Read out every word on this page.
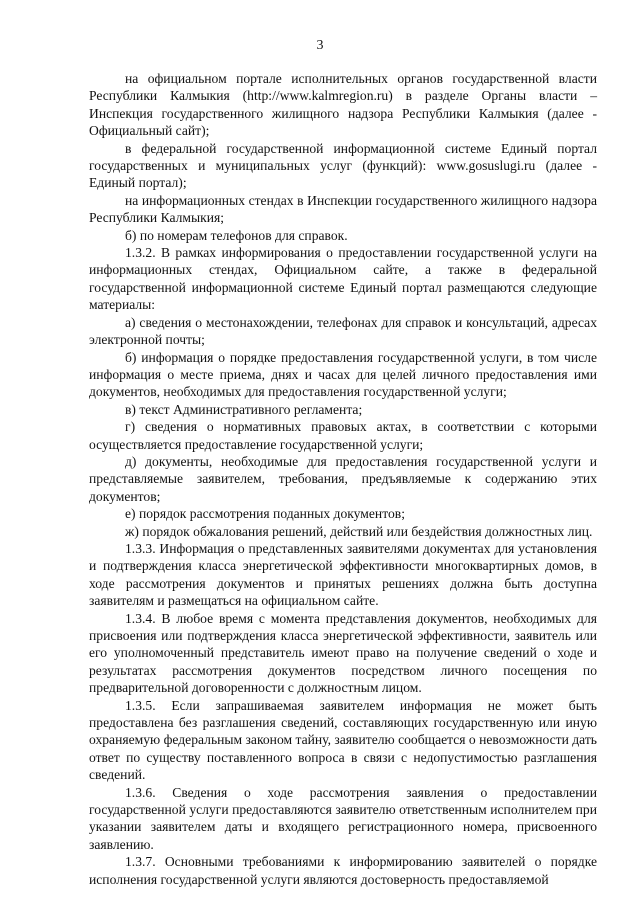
3

на официальном портале исполнительных органов государственной власти Республики Калмыкия (http://www.kalmregion.ru) в разделе Органы власти – Инспекция государственного жилищного надзора Республики Калмыкия (далее - Официальный сайт);

в федеральной государственной информационной системе Единый портал государственных и муниципальных услуг (функций): www.gosuslugi.ru (далее - Единый портал);

на информационных стендах в Инспекции государственного жилищного надзора Республики Калмыкия;

б) по номерам телефонов для справок.

1.3.2. В рамках информирования о предоставлении государственной услуги на информационных стендах, Официальном сайте, а также в федеральной государственной информационной системе Единый портал размещаются следующие материалы:

а) сведения о местонахождении, телефонах для справок и консультаций, адресах электронной почты;

б) информация о порядке предоставления государственной услуги, в том числе информация о месте приема, днях и часах для целей личного предоставления ими документов, необходимых для предоставления государственной услуги;

в) текст Административного регламента;

г) сведения о нормативных правовых актах, в соответствии с которыми осуществляется предоставление государственной услуги;

д) документы, необходимые для предоставления государственной услуги и представляемые заявителем, требования, предъявляемые к содержанию этих документов;

е) порядок рассмотрения поданных документов;

ж) порядок обжалования решений, действий или бездействия должностных лиц.

1.3.3. Информация о представленных заявителями документах для установления и подтверждения класса энергетической эффективности многоквартирных домов, в ходе рассмотрения документов и принятых решениях должна быть доступна заявителям и размещаться на официальном сайте.

1.3.4. В любое время с момента представления документов, необходимых для присвоения или подтверждения класса энергетической эффективности, заявитель или его уполномоченный представитель имеют право на получение сведений о ходе и результатах рассмотрения документов посредством личного посещения по предварительной договоренности с должностным лицом.

1.3.5. Если запрашиваемая заявителем информация не может быть предоставлена без разглашения сведений, составляющих государственную или иную охраняемую федеральным законом тайну, заявителю сообщается о невозможности дать ответ по существу поставленного вопроса в связи с недопустимостью разглашения сведений.

1.3.6. Сведения о ходе рассмотрения заявления о предоставлении государственной услуги предоставляются заявителю ответственным исполнителем при указании заявителем даты и входящего регистрационного номера, присвоенного заявлению.

1.3.7. Основными требованиями к информированию заявителей о порядке исполнения государственной услуги являются достоверность предоставляемой
